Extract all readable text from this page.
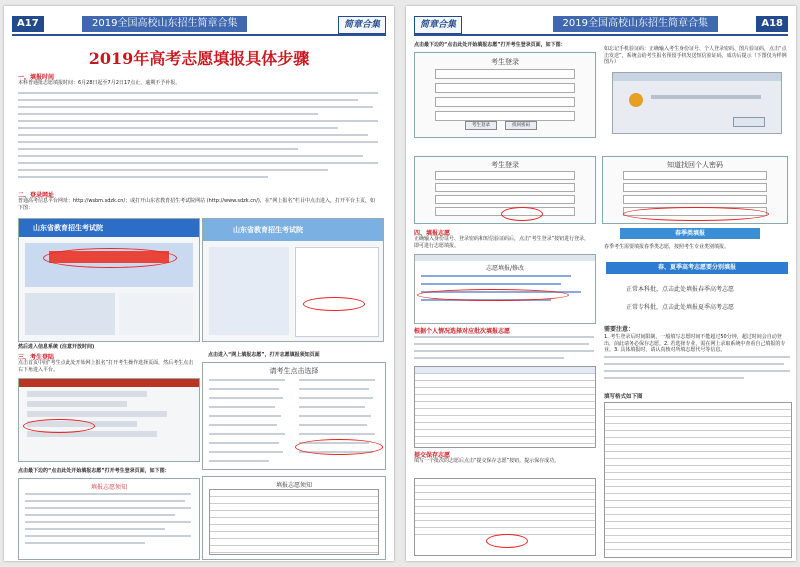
A17	2019全国高校山东招生简章合集	简章合集
2019年高考志愿填报具体步骤
一、填报时间
本科普通批志愿填报时间：6月28日起至7月2日17点止，逾期不予补报。
二、登录网址
普通高考信息平台网址：http://wsbm.sdzk.cn/；或打开山东省教育招生考试院网站 (http://www.sdzk.cn/)，在“网上报名”栏目中点击进入，打开平台主页，如下图：
山东省教育招生考试院	山东省教育招生考试院
然后进入信息系统 (注意开放时间)
三、考生登陆
点击首页中间“考生点此处开始网上报名”打开考生操作选择页面，然后考生点击右下角进入平台。
点击进入“网上填报志愿”，打开志愿填报须知页面
请考生点击选择
点击最下边的“点击此处开始填报志愿”打开考生登录页面，如下图：
填报志愿须知	填报志愿须知
简章合集	2019全国高校山东招生简章合集	A18
点击最下边的“点击此处开始填报志愿”打开考生登录页面，如下图：
考生登录
考生登录	找回密码
如忘记手机验证码：正确输入考生身份证号、个人登录密码、图片验证码，点击“点击发送”，系统会给考生报名预留手机发送短信验证码，成功后提示（下图仅为样例图片）
考生登录	知道找回个人密码
四、填报志愿
正确输入身份证号、登录密码和短信验证码后，点击“考生登录”按钮进行登录，即可进行志愿填报。
志愿填报/修改
根据个人情况选择对应批次填报志愿
提交保存志愿
填写一个批次的志愿后点击“提交保存志愿”按钮，提示保存成功。
春季类填报
春季考生需要填报春季类志愿，按照考生专业类别填报。
春、夏季高考志愿要分别填报
正常本科批，点击此处填报春季高考志愿
正常专科批，点击此处填报夏季高考志愿
需要注意：
1. 考生登录后时间限制，一般填写志愿时间不能超过50分钟，超过时间会自动登出，前此请务必保存志愿。2. 若选择专业，需在网上录取系统中查看自己填报的专业。3. 具体填报时，请认真核对所填志愿代号等信息。
填写格式如下图
